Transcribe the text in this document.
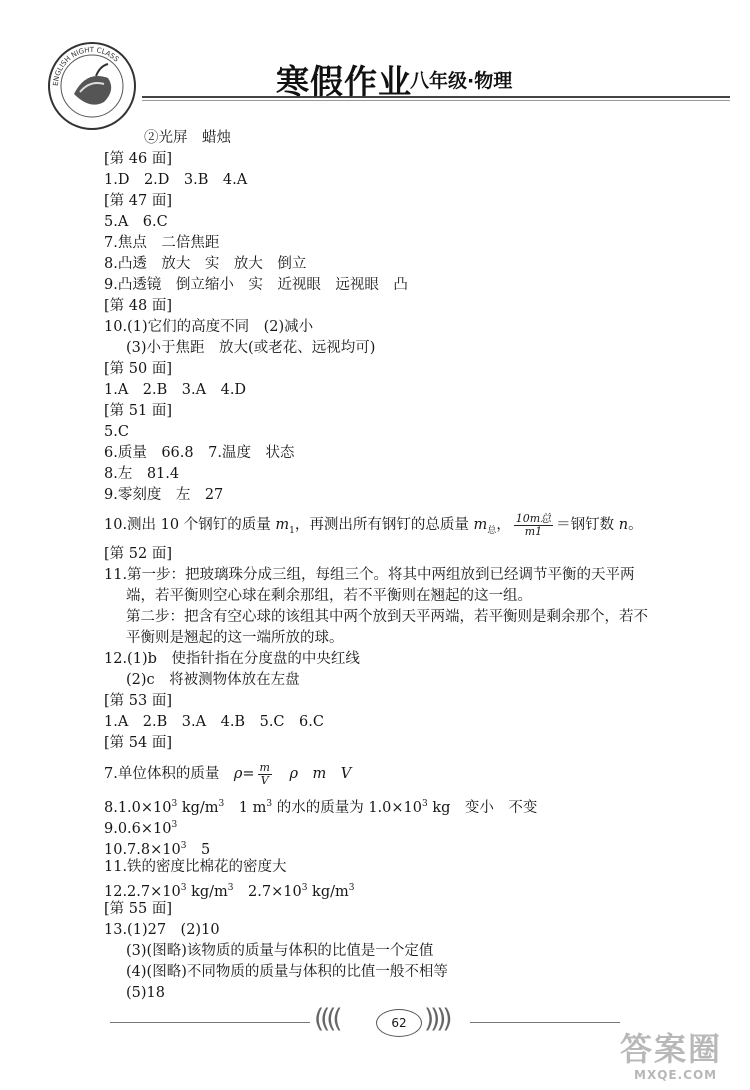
ENGLISH NIGHT CLASS
寒假作业
八年级·物理
②光屏　蜡烛
[第 46 面]
1.D　2.D　3.B　4.A
[第 47 面]
5.A　6.C
7.焦点　二倍焦距
8.凸透　放大　实　放大　倒立
9.凸透镜　倒立缩小　实　近视眼　远视眼　凸
[第 48 面]
10.(1)它们的高度不同　(2)减小
(3)小于焦距　放大(或老花、远视均可)
[第 50 面]
1.A　2.B　3.A　4.D
[第 51 面]
5.C
6.质量　66.8　7.温度　状态
8.左　81.4
9.零刻度　左　27
10.测出 10 个钢钉的质量 $m_1$，再测出所有钢钉的总质量 $m_总$， $\frac{\text{10m总}}{m1}$ ＝钢钉数 n。
[第 52 面]
11.第一步：把玻璃珠分成三组，每组三个。将其中两组放到已经调节平衡的天平两
端，若平衡则空心球在剩余那组，若不平衡则在翘起的这一组。
第二步：把含有空心球的该组其中两个放到天平两端，若平衡则是剩余那个，若不
平衡则是翘起的这一端所放的球。
12.(1)b　使指针指在分度盘的中央红线
(2)c　将被测物体放在左盘
[第 53 面]
1.A　2.B　3.A　4.B　5.C　6.C
[第 54 面]
7.单位体积的质量　$\rho= \frac{m}{V}$ 　ρ　m　V
$8.1.0\times 10^3$ $kg/m^3$　1 $m^3$ 的水的质量为 $1.0\times 10^3$ kg　变小　不变
$9.0.6\times 10^3$
$10.7.8\times 10^3$　5
11.铁的密度比棉花的密度大
$12.2.7\times 10^3$ $kg/m^3$　$2.7\times 10^3$ $kg/m^3$
[第 55 面]
13.(1)27　(2)10
(3)(图略)该物质的质量与体积的比值是一个定值
(4)(图略)不同物质的质量与体积的比值一般不相等
(5)18
((((	62 ))))
答案圈
MXQE.COM
